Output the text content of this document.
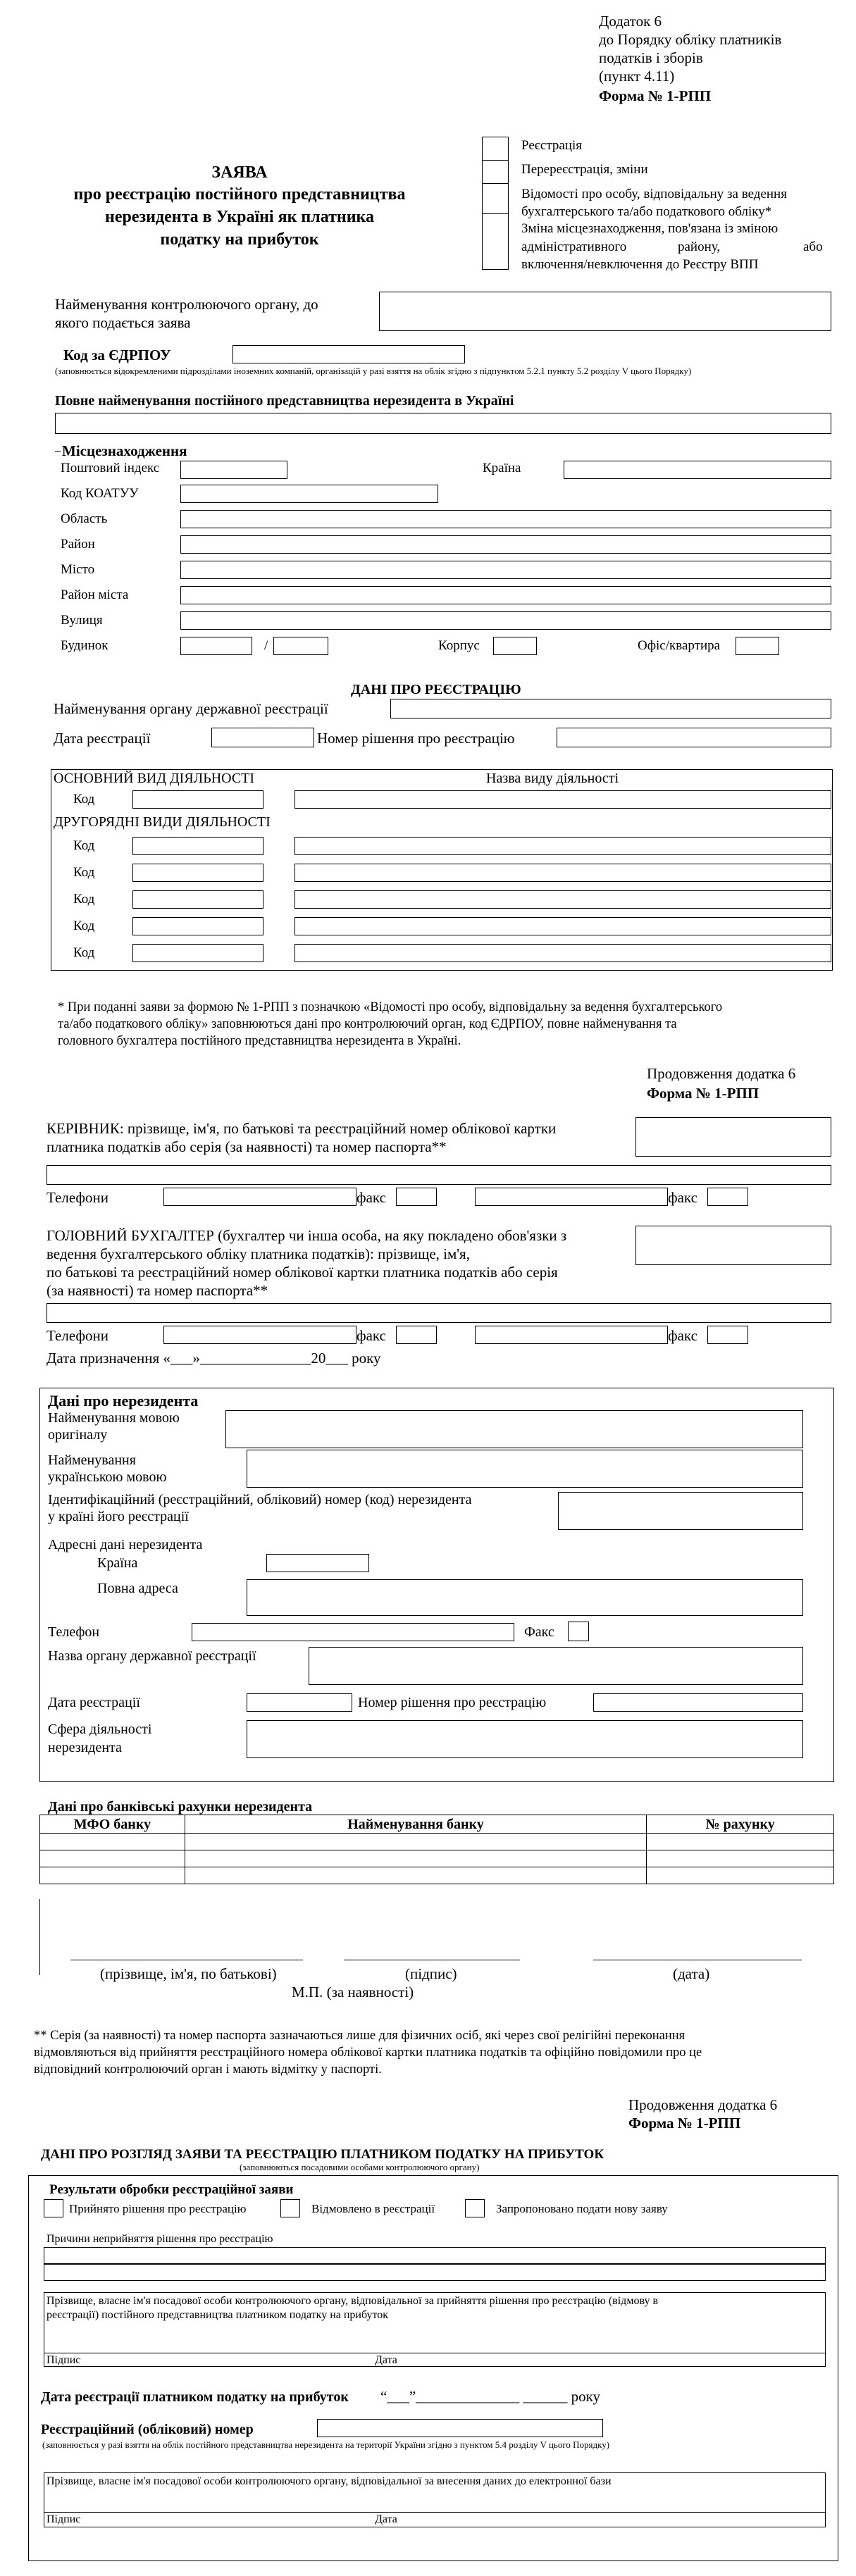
Додаток 6
до Порядку обліку платників
податків і зборів
(пункт 4.11)
Форма № 1-РПП
Реєстрація
Перереєстрація, зміни
Відомості про особу, відповідальну за ведення
бухгалтерського та/або податкового обліку*
Зміна місцезнаходження, пов'язана із зміною
адміністративного	району,	або
включення/невключення до Реєстру ВПП
ЗАЯВА
про реєстрацію постійного представництва
нерезидента в Україні як платника
податку на прибуток
Найменування контролюючого органу, до
якого подається заява
Код за ЄДРПОУ
(заповнюється відокремленими підрозділами іноземних компаній, організацій у разі взяття на облік згідно з підпунктом 5.2.1 пункту 5.2 розділу V цього Порядку)
Повне найменування постійного представництва нерезидента в Україні
Місцезнаходження
Поштовий індекс	Країна
Код КОАТУУ
Область
Район
Місто
Район міста
Вулиця
Будинок	/	Корпус	Офіс/квартира
ДАНІ ПРО РЕЄСТРАЦІЮ
Найменування органу державної реєстрації
Дата реєстрації	Номер рішення про реєстрацію
ОСНОВНИЙ ВИД ДІЯЛЬНОСТІ	Назва виду діяльності
Код
ДРУГОРЯДНІ ВИДИ ДІЯЛЬНОСТІ
Код
Код
Код
Код
Код
* При поданні заяви за формою № 1-РПП з позначкою «Відомості про особу, відповідальну за ведення бухгалтерського
та/або податкового обліку» заповнюються дані про контролюючий орган, код ЄДРПОУ, повне найменування та
головного бухгалтера постійного представництва нерезидента в Україні.
Продовження додатка 6
Форма № 1-РПП
КЕРІВНИК: прізвище, ім'я, по батькові та реєстраційний номер облікової картки
платника податків або серія (за наявності) та номер паспорта**
Телефони	факс	факс
ГОЛОВНИЙ БУХГАЛТЕР (бухгалтер чи інша особа, на яку покладено обов'язки з
ведення бухгалтерського обліку платника податків): прізвище, ім'я,
по батькові та реєстраційний номер облікової картки платника податків або серія
(за наявності) та номер паспорта**
Телефони	факс	факс
Дата призначення «___»_______________20___ року
Дані про нерезидента
Найменування мовою
оригіналу
Найменування
українською мовою
Ідентифікаційний (реєстраційний, обліковий) номер (код) нерезидента
у країні його реєстрації
Адресні дані нерезидента
Країна
Повна адреса
Телефон	Факс
Назва органу державної реєстрації
Дата реєстрації	Номер рішення про реєстрацію
Сфера діяльності
нерезидента
Дані про банківські рахунки нерезидента
МФО банку	Найменування банку	№ рахунку

(прізвище, ім'я, по батькові)	(підпис)	(дата)
М.П. (за наявності)
** Серія (за наявності) та номер паспорта зазначаються лише для фізичних осіб, які через свої релігійні переконання
відмовляються від прийняття реєстраційного номера облікової картки платника податків та офіційно повідомили про це
відповідний контролюючий орган і мають відмітку у паспорті.
Продовження додатка 6
Форма № 1-РПП
ДАНІ ПРО РОЗГЛЯД ЗАЯВИ ТА РЕЄСТРАЦІЮ ПЛАТНИКОМ ПОДАТКУ НА ПРИБУТОК
(заповнюються посадовими особами контролюючого органу)
Результати обробки реєстраційної заяви
Прийнято рішення про реєстрацію	Відмовлено в реєстрації	Запропоновано подати нову заяву
Причини неприйняття рішення про реєстрацію
Прізвище, власне ім'я посадової особи контролюючого органу, відповідальної за прийняття рішення про реєстрацію (відмову в
реєстрації) постійного представництва платником податку на прибуток
Підпис	Дата
Дата реєстрації платником податку на прибуток “___”______________ ______ року
Реєстраційний (обліковий) номер
(заповнюється у разі взяття на облік постійного представництва нерезидента на території України згідно з пунктом 5.4 розділу V цього Порядку)
Прізвище, власне ім'я посадової особи контролюючого органу, відповідальної за внесення даних до електронної бази
Підпис	Дата
